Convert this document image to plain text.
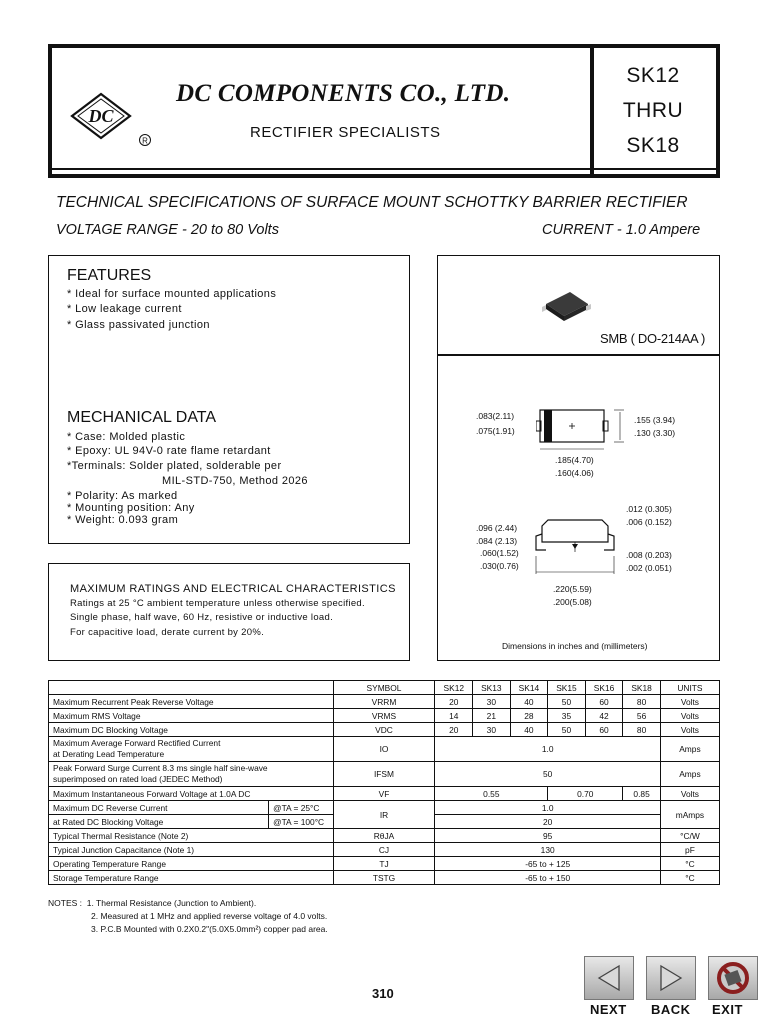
DC
R
DC COMPONENTS CO., LTD.
RECTIFIER SPECIALISTS
SK12
THRU
SK18
TECHNICAL SPECIFICATIONS OF SURFACE MOUNT SCHOTTKY BARRIER RECTIFIER
VOLTAGE RANGE - 20 to 80 Volts	CURRENT - 1.0 Ampere
FEATURES
* Ideal for surface mounted applications
* Low leakage current
* Glass passivated junction
MECHANICAL DATA
* Case: Molded plastic
* Epoxy: UL 94V-0 rate flame retardant
*Terminals: Solder plated, solderable per
MIL-STD-750, Method 2026
* Polarity: As marked
* Mounting position: Any
* Weight: 0.093 gram
MAXIMUM RATINGS AND ELECTRICAL CHARACTERISTICS
Ratings at 25 °C ambient temperature unless otherwise specified.
Single phase, half wave, 60 Hz, resistive or inductive load.
For capacitive load, derate current by 20%.
SMB ( DO-214AA )
.083(2.11)
.075(1.91)
.155 (3.94)
.130 (3.30)
.185(4.70)
.160(4.06)
.012 (0.305)
.006 (0.152)
.096 (2.44)
.084 (2.13)
.060(1.52)
.030(0.76)
.008 (0.203)
.002 (0.051)
.220(5.59)
.200(5.08)
Dimensions in inches and (millimeters)
		SYMBOL	SK12	SK13	SK14	SK15	SK16	SK18	UNITS
Maximum Recurrent Peak Reverse Voltage		VRRM	20	30	40	50	60	80	Volts
Maximum RMS Voltage		VRMS	14	21	28	35	42	56	Volts
Maximum DC Blocking Voltage		VDC	20	30	40	50	60	80	Volts
Maximum Average Forward Rectified Current
at Derating Lead Temperature		IO	1.0						Amps
Peak Forward Surge Current 8.3 ms single half sine-wave
superimposed on rated load (JEDEC Method)		IFSM	50						Amps
Maximum Instantaneous Forward Voltage at 1.0A DC		VF	0.55			0.70		0.85	Volts
Maximum DC Reverse Current	@TA = 25°C	IR	1.0						mAmps
at Rated DC Blocking Voltage	@TA = 100°C		20						
Typical Thermal Resistance (Note 2)		RθJA	95						°C/W
Typical Junction Capacitance (Note 1)		CJ	130						pF
Operating Temperature Range		TJ	-65 to + 125						°C
Storage Temperature Range		TSTG	-65 to + 150						°C
NOTES : 1. Thermal Resistance (Junction to Ambient).
2. Measured at 1 MHz and applied reverse voltage of 4.0 volts.
3. P.C.B Mounted with 0.2X0.2"(5.0X5.0mm²) copper pad area.
310
NEXT BACK EXIT
